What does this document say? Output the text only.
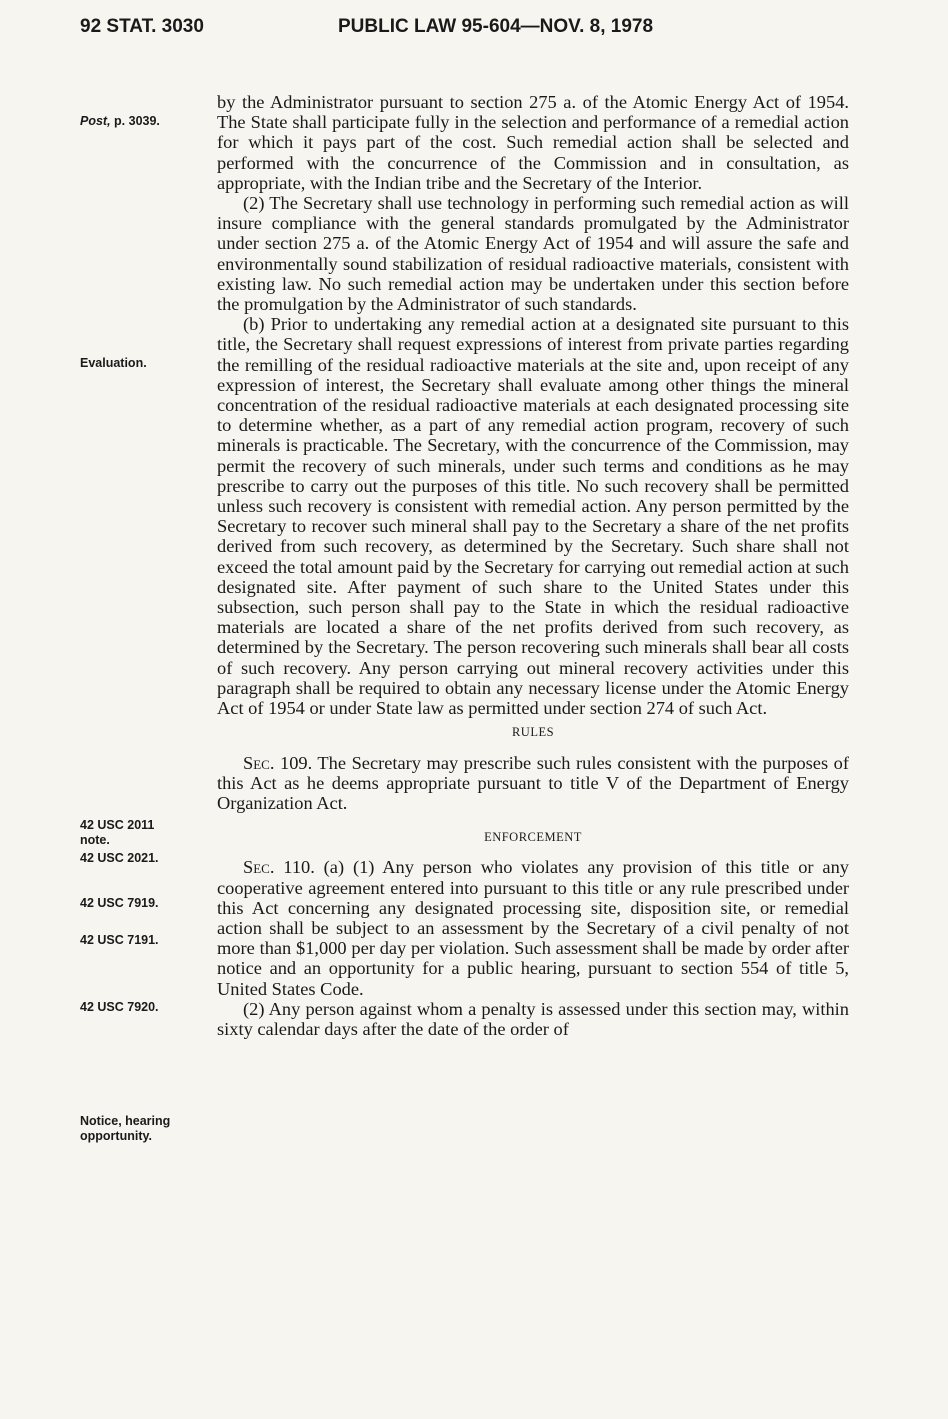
92 STAT. 3030	PUBLIC LAW 95-604—NOV. 8, 1978
Post, p. 3039.
Evaluation.
42 USC 2011
note.
42 USC 2021.
42 USC 7919.
42 USC 7191.
42 USC 7920.
Notice, hearing
opportunity.

by the Administrator pursuant to section 275 a. of the Atomic Energy Act of 1954. The State shall participate fully in the selection and performance of a remedial action for which it pays part of the cost. Such remedial action shall be selected and performed with the concurrence of the Commission and in consultation, as appropriate, with the Indian tribe and the Secretary of the Interior.

(2) The Secretary shall use technology in performing such remedial action as will insure compliance with the general standards promulgated by the Administrator under section 275 a. of the Atomic Energy Act of 1954 and will assure the safe and environmentally sound stabilization of residual radioactive materials, consistent with existing law. No such remedial action may be undertaken under this section before the promulgation by the Administrator of such standards.

(b) Prior to undertaking any remedial action at a designated site pursuant to this title, the Secretary shall request expressions of interest from private parties regarding the remilling of the residual radioactive materials at the site and, upon receipt of any expression of interest, the Secretary shall evaluate among other things the mineral concentration of the residual radioactive materials at each designated processing site to determine whether, as a part of any remedial action program, recovery of such minerals is practicable. The Secretary, with the concurrence of the Commission, may permit the recovery of such minerals, under such terms and conditions as he may prescribe to carry out the purposes of this title. No such recovery shall be permitted unless such recovery is consistent with remedial action. Any person permitted by the Secretary to recover such mineral shall pay to the Secretary a share of the net profits derived from such recovery, as determined by the Secretary. Such share shall not exceed the total amount paid by the Secretary for carrying out remedial action at such designated site. After payment of such share to the United States under this subsection, such person shall pay to the State in which the residual radioactive materials are located a share of the net profits derived from such recovery, as determined by the Secretary. The person recovering such minerals shall bear all costs of such recovery. Any person carrying out mineral recovery activities under this paragraph shall be required to obtain any necessary license under the Atomic Energy Act of 1954 or under State law as permitted under section 274 of such Act.

RULES

Sec. 109. The Secretary may prescribe such rules consistent with the purposes of this Act as he deems appropriate pursuant to title V of the Department of Energy Organization Act.

ENFORCEMENT

Sec. 110. (a) (1) Any person who violates any provision of this title or any cooperative agreement entered into pursuant to this title or any rule prescribed under this Act concerning any designated processing site, disposition site, or remedial action shall be subject to an assessment by the Secretary of a civil penalty of not more than $1,000 per day per violation. Such assessment shall be made by order after notice and an opportunity for a public hearing, pursuant to section 554 of title 5, United States Code.

(2) Any person against whom a penalty is assessed under this section may, within sixty calendar days after the date of the order of
